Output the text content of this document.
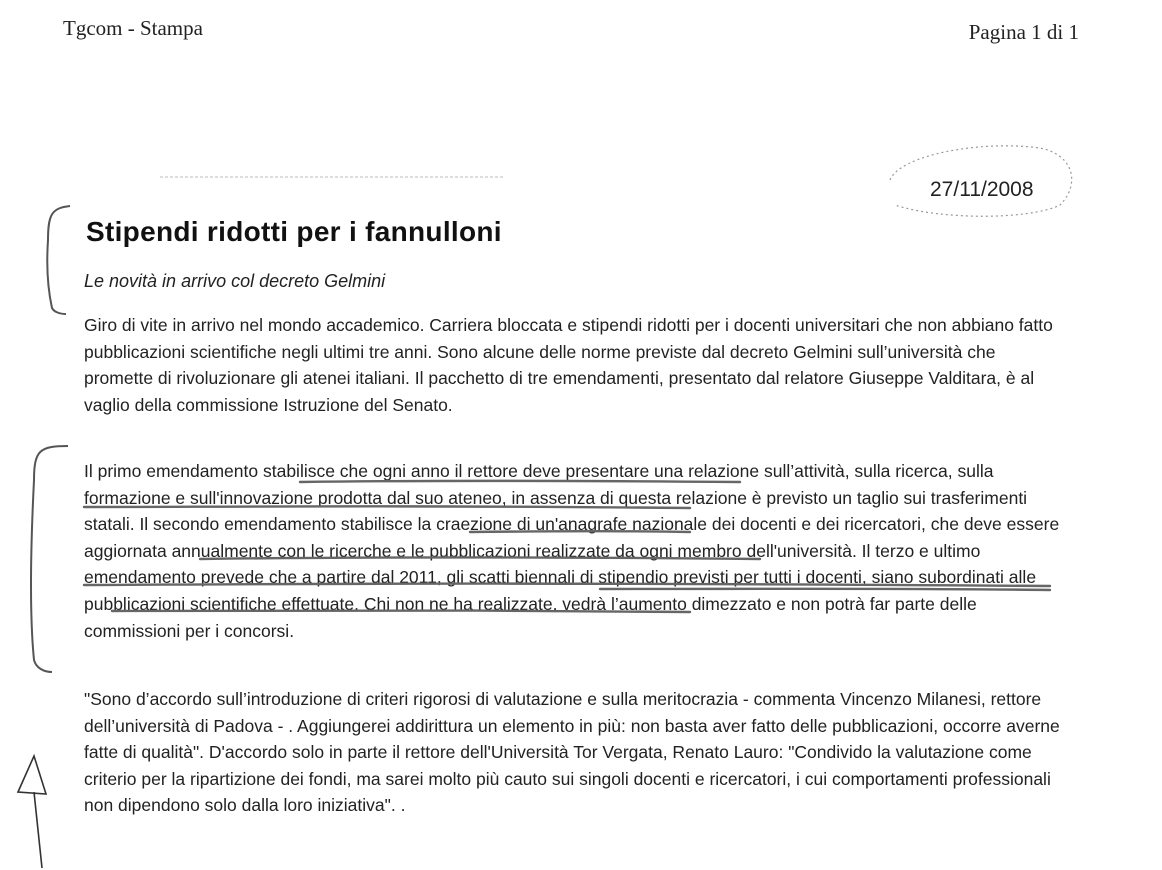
Tgcom - Stampa	Pagina 1 di 1
27/11/2008
Stipendi ridotti per i fannulloni
Le novità in arrivo col decreto Gelmini

Giro di vite in arrivo nel mondo accademico. Carriera bloccata e stipendi ridotti per i docenti universitari che non abbiano fatto pubblicazioni scientifiche negli ultimi tre anni. Sono alcune delle norme previste dal decreto Gelmini sull’università che promette di rivoluzionare gli atenei italiani. Il pacchetto di tre emendamenti, presentato dal relatore Giuseppe Valditara, è al vaglio della commissione Istruzione del Senato.

Il primo emendamento stabilisce che ogni anno il rettore deve presentare una relazione sull’attività, sulla ricerca, sulla formazione e sull'innovazione prodotta dal suo ateneo, in assenza di questa relazione è previsto un taglio sui trasferimenti statali. Il secondo emendamento stabilisce la craezione di un'anagrafe nazionale dei docenti e dei ricercatori, che deve essere aggiornata annualmente con le ricerche e le pubblicazioni realizzate da ogni membro dell'università. Il terzo e ultimo emendamento prevede che a partire dal 2011, gli scatti biennali di stipendio previsti per tutti i docenti, siano subordinati alle pubblicazioni scientifiche effettuate. Chi non ne ha realizzate, vedrà l’aumento dimezzato e non potrà far parte delle commissioni per i concorsi.

"Sono d’accordo sull’introduzione di criteri rigorosi di valutazione e sulla meritocrazia - commenta Vincenzo Milanesi, rettore dell’università di Padova - . Aggiungerei addirittura un elemento in più: non basta aver fatto delle pubblicazioni, occorre averne fatte di qualità". D'accordo solo in parte il rettore dell'Università Tor Vergata, Renato Lauro: "Condivido la valutazione come criterio per la ripartizione dei fondi, ma sarei molto più cauto sui singoli docenti e ricercatori, i cui comportamenti professionali non dipendono solo dalla loro iniziativa". .
